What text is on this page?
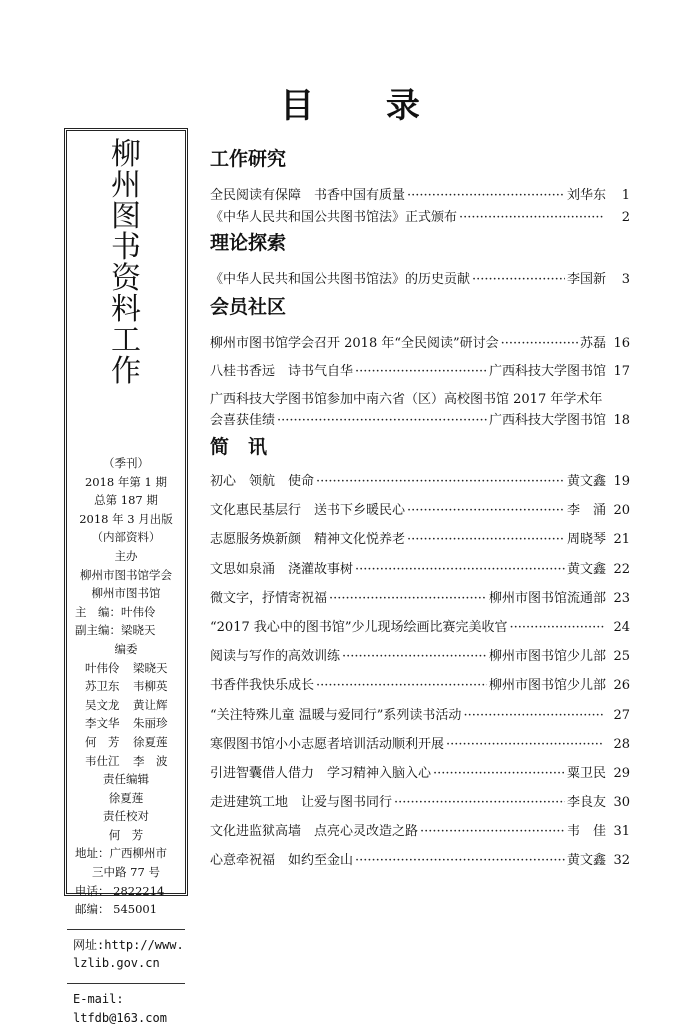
目 录
柳
州
图
书
资
料
工
作
（季刊）
2018 年第 1 期
总第 187 期
2018 年 3 月出版
（内部资料）
主办
柳州市图书馆学会
柳州市图书馆
主　编：叶伟伶
副主编：梁晓天
编委
叶伟伶	梁晓天
苏卫东	韦柳英
吴文龙	黄让辉
李文华	朱丽珍
何　芳	徐夏莲
韦仕江	李　波
责任编辑
徐夏莲
责任校对
何　芳
地址：广西柳州市
三中路 77 号
电话： 2822214
邮编： 545001
网址:http://www.
lzlib.gov.cn
E-mail:
ltfdb@163.com
工作研究
全民阅读有保障　书香中国有质量 ·····	刘华东	1
《中华人民共和国公共图书馆法》正式颁布 ·····	2
理论探索
《中华人民共和国公共图书馆法》的历史贡献 ·····	李国新	3
会员社区
柳州市图书馆学会召开 2018 年“全民阅读”研讨会 ·····	苏磊 16
八桂书香远　诗书气自华 ·····	广西科技大学图书馆 17
广西科技大学图书馆参加中南六省（区）高校图书馆 2017 年学术年
会喜获佳绩 ·····	广西科技大学图书馆 18
简　讯
初心　领航　使命 ·····	黄文鑫 19
文化惠民基层行　送书下乡暖民心 ·····	李　涌 20
志愿服务焕新颜　精神文化悦养老 ·····	周晓琴 21
文思如泉涌　浇灌故事树 ·····	黄文鑫 22
微文字，抒情寄祝福 ·····	柳州市图书馆流通部 23
“2017 我心中的图书馆”少儿现场绘画比赛完美收官 ·····	24
阅读与写作的高效训练 ·····	柳州市图书馆少儿部 25
书香伴我快乐成长 ·····	柳州市图书馆少儿部 26
“关注特殊儿童 温暖与爱同行”系列读书活动 ·····	27
寒假图书馆小小志愿者培训活动顺利开展 ·····	28
引进智囊借人借力　学习精神入脑入心 ·····	粟卫民 29
走进建筑工地　让爱与图书同行 ·····	李良友 30
文化进监狱高墙　点亮心灵改造之路 ·····	韦　佳 31
心意牵祝福　如约至金山 ·····	黄文鑫 32
